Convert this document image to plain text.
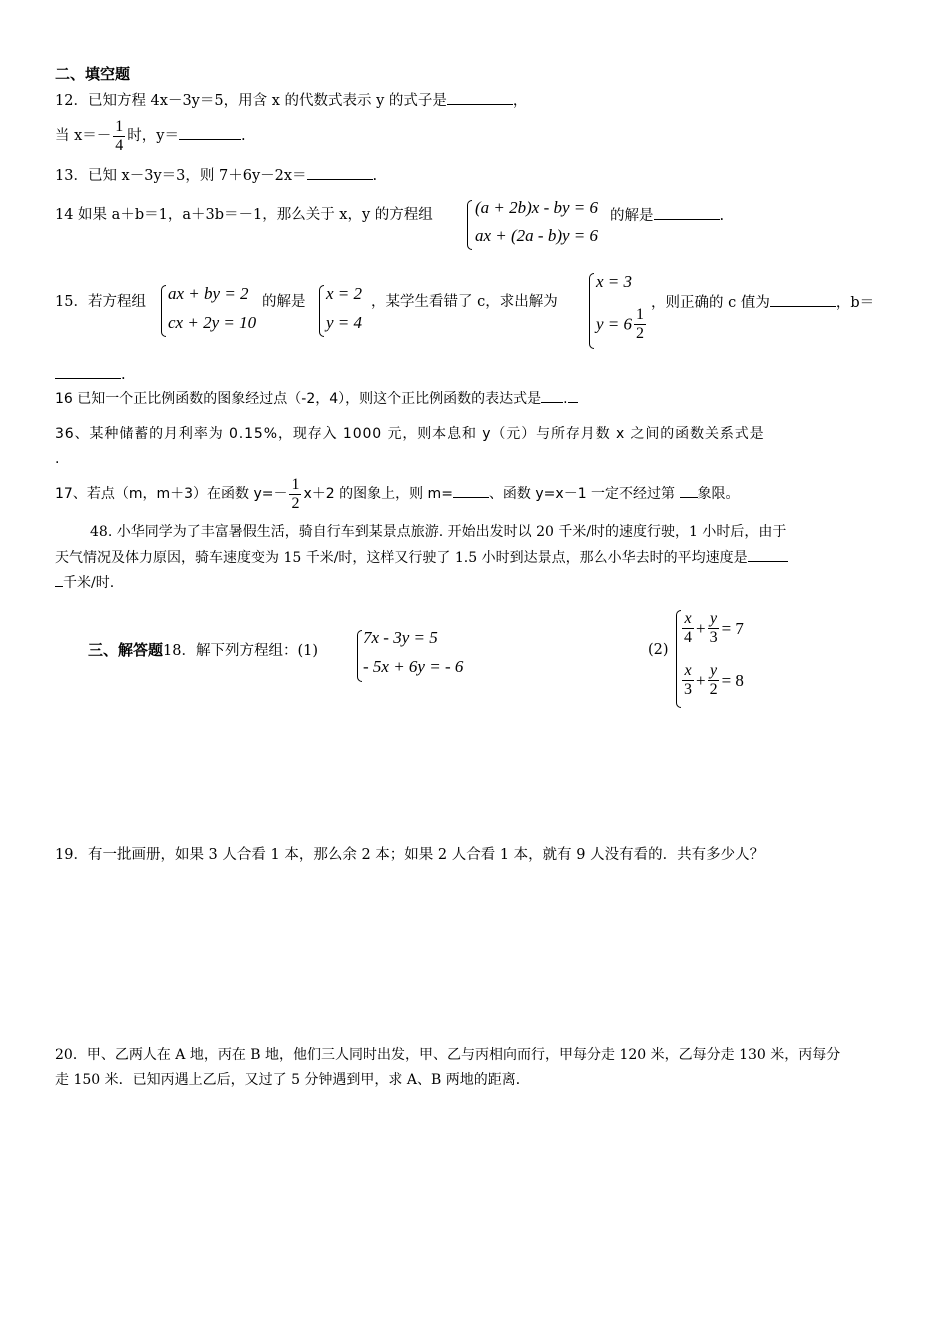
二、填空题
12．已知方程 4x－3y＝5，用含 x 的代数式表示 y 的式子是	，
当 $x=- \frac{1}{4}$ 时，y＝	.
13．已知 x－3y＝3，则 7＋6y－2x＝	.
14 如果 a＋b＝1，a＋3b＝－1，那么关于 x，y 的方程组 (a + 2b)x - by = 6
ax + (2a - b)y = 6
的解是	.
15．若方程组 ax + by = 2
cx + 2y = 10
的解是 x = 2
y = 4
，某学生看错了 c，求出解为
x = 3
$y = 6 \frac{1}{2}$
，则正确的 c 值为	，b＝
.
16 已知一个正比例函数的图象经过点（-2，4），则这个正比例函数的表达式是 .
36、某种储蓄的月利率为 0.15%，现存入 1000 元，则本息和 y（元）与所存月数 x 之间的函数关系式是
.
17、若点（m，m＋3）在函数 $y=- \frac{1}{2} x+2$ 的图象上，则 m=	、函数 y=x－1 一定不经过第 象限。
48. 小华同学为了丰富暑假生活，骑自行车到某景点旅游. 开始出发时以 20 千米/时的速度行驶，1 小时后，由于
天气情况及体力原因，骑车速度变为 15 千米/时，这样又行驶了 1.5 小时到达景点，那么小华去时的平均速度是
千米/时.
三、解答题18．解下列方程组：(1)
7x - 3y = 5
- 5x + 6y = - 6
(2)
$\frac{x}{4} + \frac{y}{3} = 7$
$\frac{x}{3} + \frac{y}{2} = 8$
19．有一批画册，如果 3 人合看 1 本，那么余 2 本；如果 2 人合看 1 本，就有 9 人没有看的．共有多少人？
20．甲、乙两人在 A 地，丙在 B 地，他们三人同时出发，甲、乙与丙相向而行，甲每分走 120 米，乙每分走 130 米，丙每分
走 150 米．已知丙遇上乙后，又过了 5 分钟遇到甲，求 A、B 两地的距离．
